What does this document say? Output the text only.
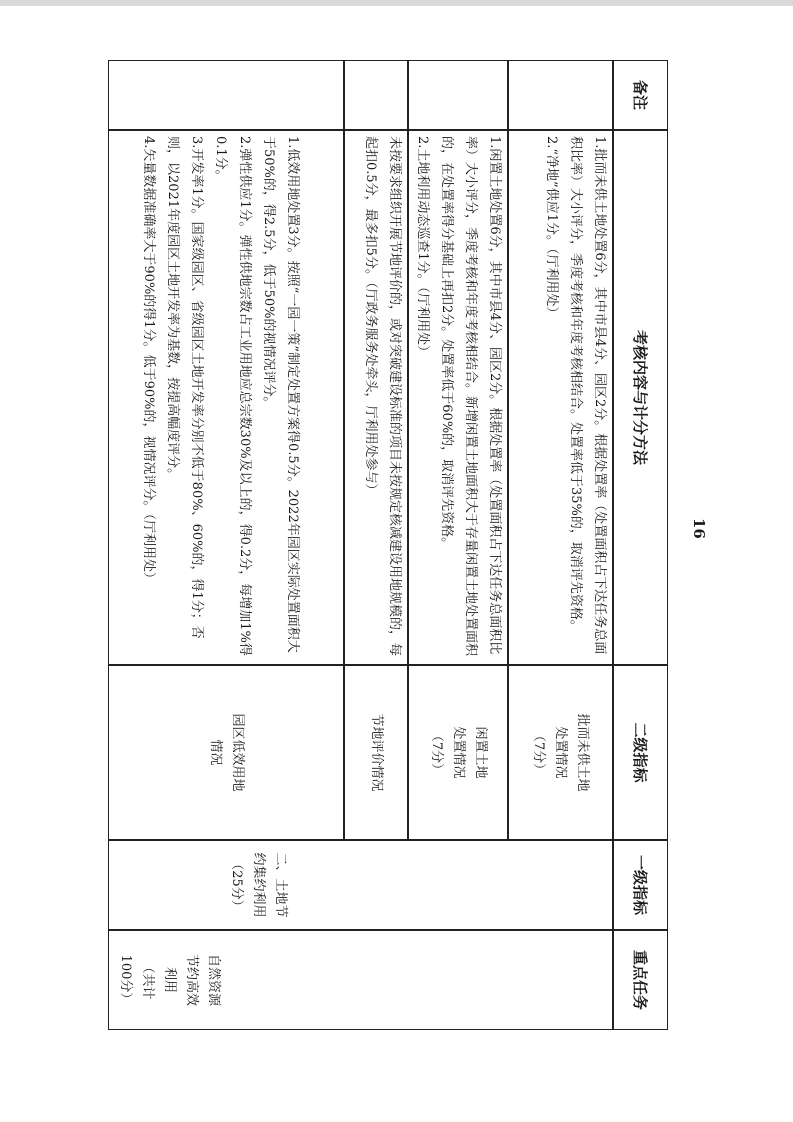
重点任务
一级指标
二级指标
考核内容与计分方法
备注
自然资源
节约高效
利用
（共计
100分）
二、土地节
约集约利用
（25分）
批而未供土地
处置情况
（7分）
1.批而未供土地处置6分，其中市县4分、园区2分。根据处置率（处置面积占下达任务总面积比率）大小评分，季度考核和年度考核相结合。处置率低于35%的，取消评先资格。
2.“净地”供应1分。（厅利用处）
闲置土地
处置情况
（7分）
1.闲置土地处置6分，其中市县4分、园区2分。根据处置率（处置面积占下达任务总面积比率）大小评分，季度考核和年度考核相结合。新增闲置土地面积大于存量闲置土地处置面积的，在处置率得分基础上再扣2分。处置率低于60%的，取消评先资格。
2.土地利用动态巡查1分。（厅利用处）
节地评价情况
未按要求组织开展节地评价的，或对突破建设标准的项目未按规定核减建设用地规模的，每起扣0.5分，最多扣5分。（厅政务服务处牵头，厅利用处参与）
园区低效用地
情况
1.低效用地处置3分。按照“一园一策”制定处置方案得0.5分。2022年园区实际处置面积大于50%的，得2.5分，低于50%的视情况评分。
2.弹性供应1分。弹性供地宗数占工业用地应总宗数30%及以上的，得0.2分，每增加1%得0.1分。
3.开发率1分。国家级园区、省级园区土地开发率分别不低于80%、60%的，得1分；否则，以2021年度园区土地开发率为基数，按提高幅度评分。
4.矢量数据准确率大于90%的得1分。低于90%的，视情况评分。（厅利用处）	16
